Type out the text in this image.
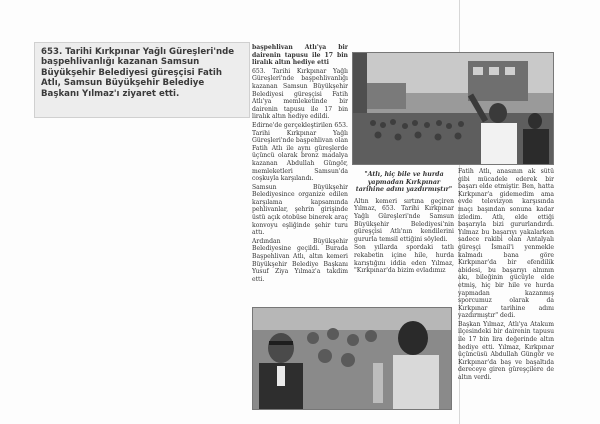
653. Tarihi Kırkpınar Yağlı Güreşleri'nde başpehlivanlığı kazanan Samsun Büyükşehir Belediyesi güreşçisi Fatih Atlı, Samsun Büyükşehir Belediye Başkanı Yılmaz'ı ziyaret etti.

başpehlivan Atlı'ya bir dairenin tapusu ile 17 bin liralık altın hediye etti

653. Tarihi Kırkpınar Yağlı Güreşleri'nde başpehlivanlığı kazanan Samsun Büyükşehir Belediyesi güreşçisi Fatih Atlı'ya memleketinde bir dairenin tapusu ile 17 bin liralık altın hediye edildi.

Edirne'de gerçekleştirilen 653. Tarihi Kırkpınar Yağlı Güreşleri'nde başpehlivan olan Fatih Atlı ile aynı güreşlerde üçüncü olarak bronz madalya kazanan Abdullah Güngör, memleketleri Samsun'da coşkuyla karşılandı.

Samsun Büyükşehir Belediyesince organize edilen karşılama kapsamında pehlivanlar, şehrin girişinde üstü açık otobüse binerek araç konvoyu eşliğinde şehir turu attı.

Ardından Büyükşehir Belediyesine geçildi. Burada Başpehlivan Atlı, altın kemeri Büyükşehir Belediye Başkanı Yusuf Ziya Yılmaz'a takdim etti.

"Atlı, hiç bile ve hurda yapmadan Kırkpınar tarihine adını yazdırmıştır"

Altın kemeri sırtına geçiren Yılmaz, 653. Tarihi Kırkpınar Yağlı Güreşleri'nde Samsun Büyükşehir Belediyesi'nin güreşçisi Atlı'nın kendilerini gururla temsil ettiğini söyledi.

Son yıllarda spordaki tatlı rekabetin içine hile, hurda karıştığını iddia eden Yılmaz, "Kırkpınar'da bizim evladımız

Fatih Atlı, anasının ak sütü gibi mücadele ederek bir başarı elde etmiştir. Ben, hatta Kırkpınar'a gidemedim ama evde televizyon karşısında maçı başından sonuna kadar izledim. Atlı, elde ettiği başarıyla bizi gururlandırdı. Yılmaz bu başarıyı yakalarken sadece rakibi olan Antalyalı güreşçi İsmail'i yenmekle kalmadı bana göre Kırkpınar'da bir efendilik abidesi, bu başarıyı alnının akı, bileğinin gücüyle elde etmiş, hiç bir hile ve hurda yapmadan kazanmış sporcumuz olarak da Kırkpınar tarihine adını yazdırmıştır" dedi.

Başkan Yılmaz, Atlı'ya Atakum ilçesindeki bir dairenin tapusu ile 17 bin lira değerinde altın hediye etti. Yılmaz, Kırkpınar üçüncüsü Abdullah Güngör ve Kırkpınar'da baş ve başaltıda dereceye giren güreşçilere de altın verdi.
